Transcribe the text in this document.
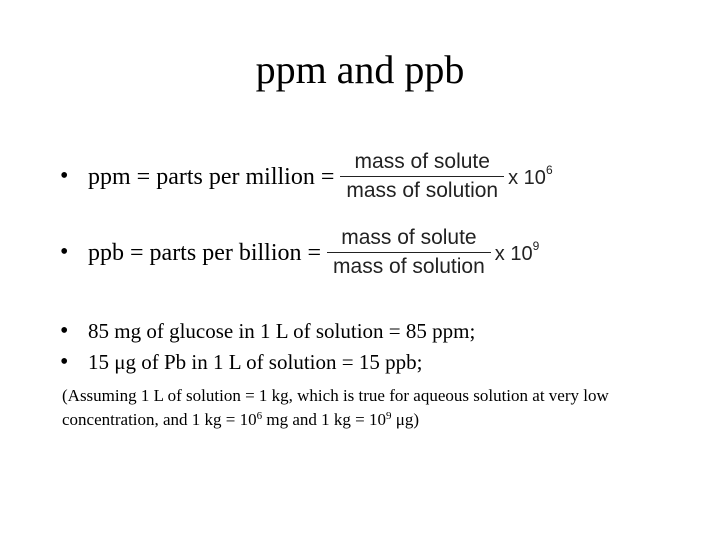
ppm and ppb
• ppm = parts per million = $\frac{\text{mass of solute}}{\text{mass of solution}}$ x $10^6$
• ppb = parts per billion = $\frac{\text{mass of solute}}{\text{mass of solution}}$ x $10^9$
• 85 mg of glucose in 1 L of solution = 85 ppm;
• 15 μg of Pb in 1 L of solution = 15 ppb;
(Assuming 1 L of solution = 1 kg, which is true for aqueous solution at very low concentration, and 1 kg = $10^6$ mg and 1 kg = $10^9$ μg)
